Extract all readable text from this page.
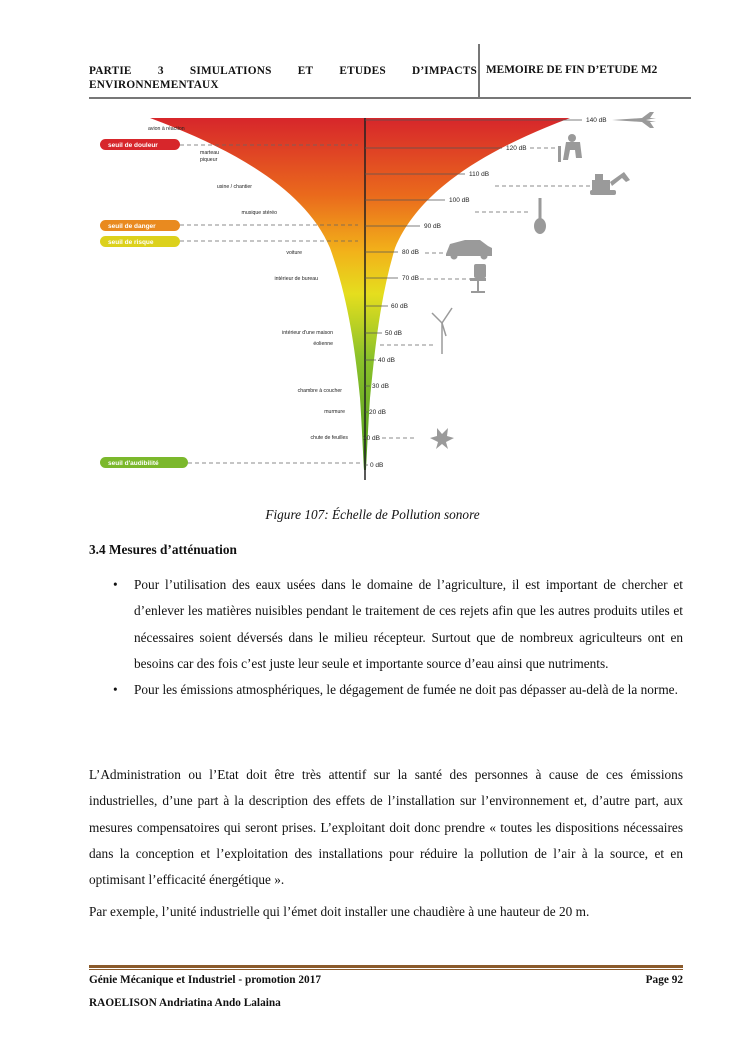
PARTIE 3 SIMULATIONS ET ETUDES D’IMPACTS
ENVIRONNEMENTAUX
MEMOIRE DE FIN D’ETUDE M2
140 dB
120 dB
110 dB
100 dB
90 dB
80 dB
70 dB
60 dB
50 dB
40 dB
30 dB
20 dB
10 dB
0 dB
avion à réaction
marteau
piqueur
usine / chantier
musique stéréo
voiture
intérieur de bureau
intérieur d'une maison
éolienne
chambre à coucher
murmure
chute de feuilles
seuil de douleur
seuil de danger
seuil de risque
seuil d'audibilité
Figure 107: Échelle de Pollution sonore
3.4 Mesures d’atténuation
• Pour l’utilisation des eaux usées dans le domaine de l’agriculture, il est important de chercher et d’enlever les matières nuisibles pendant le traitement de ces rejets afin que les autres produits utiles et nécessaires soient déversés dans le milieu récepteur. Surtout que de nombreux agriculteurs ont en besoins car des fois c’est juste leur seule et importante source d’eau ainsi que nutriments.
• Pour les émissions atmosphériques, le dégagement de fumée ne doit pas dépasser au-delà de la norme.
L’Administration ou l’Etat doit être très attentif sur la santé des personnes à cause de ces émissions industrielles, d’une part à la description des effets de l’installation sur l’environnement et, d’autre part, aux mesures compensatoires qui seront prises. L’exploitant doit donc prendre « toutes les dispositions nécessaires dans la conception et l’exploitation des installations pour réduire la pollution de l’air à la source, et en optimisant l’efficacité énergétique ».
Par exemple, l’unité industrielle qui l’émet doit installer une chaudière à une hauteur de 20 m.
Génie Mécanique et Industriel - promotion 2017	Page 92
RAOELISON Andriatina Ando Lalaina
